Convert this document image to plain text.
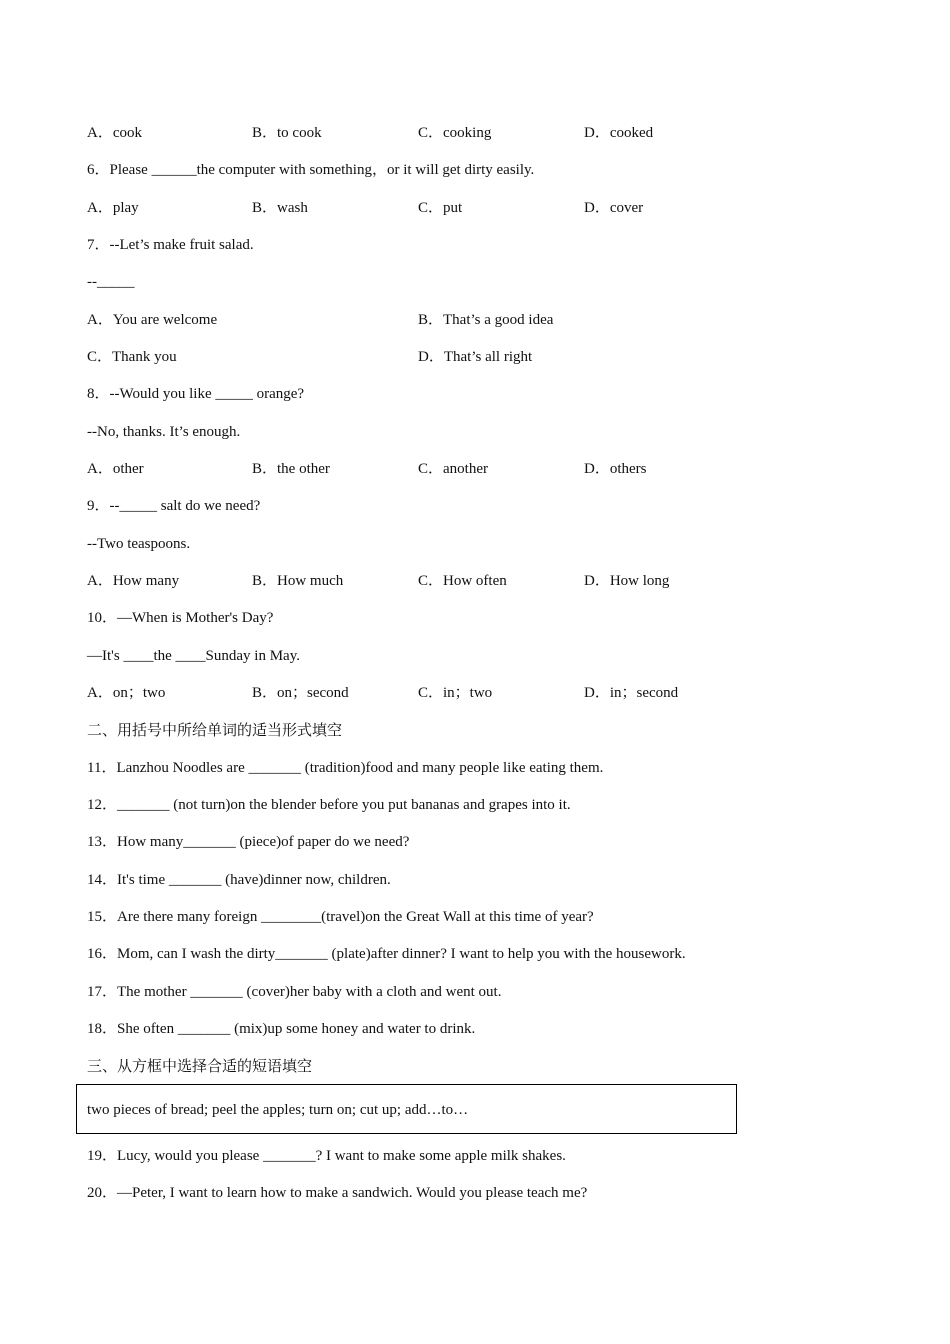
A．cook	B．to cook	C．cooking	D．cooked
6．Please ______the computer with something，or it will get dirty easily.
A．play	B．wash	C．put	D．cover
7．--Let’s make fruit salad.
--_____
A．You are welcome	B．That’s a good idea
C．Thank you	D．That’s all right
8．--Would you like _____ orange?
--No, thanks. It’s enough.
A．other	B．the other	C．another	D．others
9．--_____ salt do we need?
--Two teaspoons.
A．How many	B．How much	C．How often	D．How long
10．—When is Mother's Day?
—It's ____the ____Sunday in May.
A．on；two	B．on；second	C．in；two	D．in；second
二、用括号中所给单词的适当形式填空
11．Lanzhou Noodles are _______ (tradition)food and many people like eating them.
12．_______ (not turn)on the blender before you put bananas and grapes into it.
13．How many_______ (piece)of paper do we need?
14．It's time _______ (have)dinner now, children.
15．Are there many foreign ________(travel)on the Great Wall at this time of year?
16．Mom, can I wash the dirty_______ (plate)after dinner? I want to help you with the housework.
17．The mother _______ (cover)her baby with a cloth and went out.
18．She often _______ (mix)up some honey and water to drink.
三、从方框中选择合适的短语填空
two pieces of bread; peel the apples; turn on; cut up; add…to…
19．Lucy, would you please _______? I want to make some apple milk shakes.
20．—Peter, I want to learn how to make a sandwich. Would you please teach me?
